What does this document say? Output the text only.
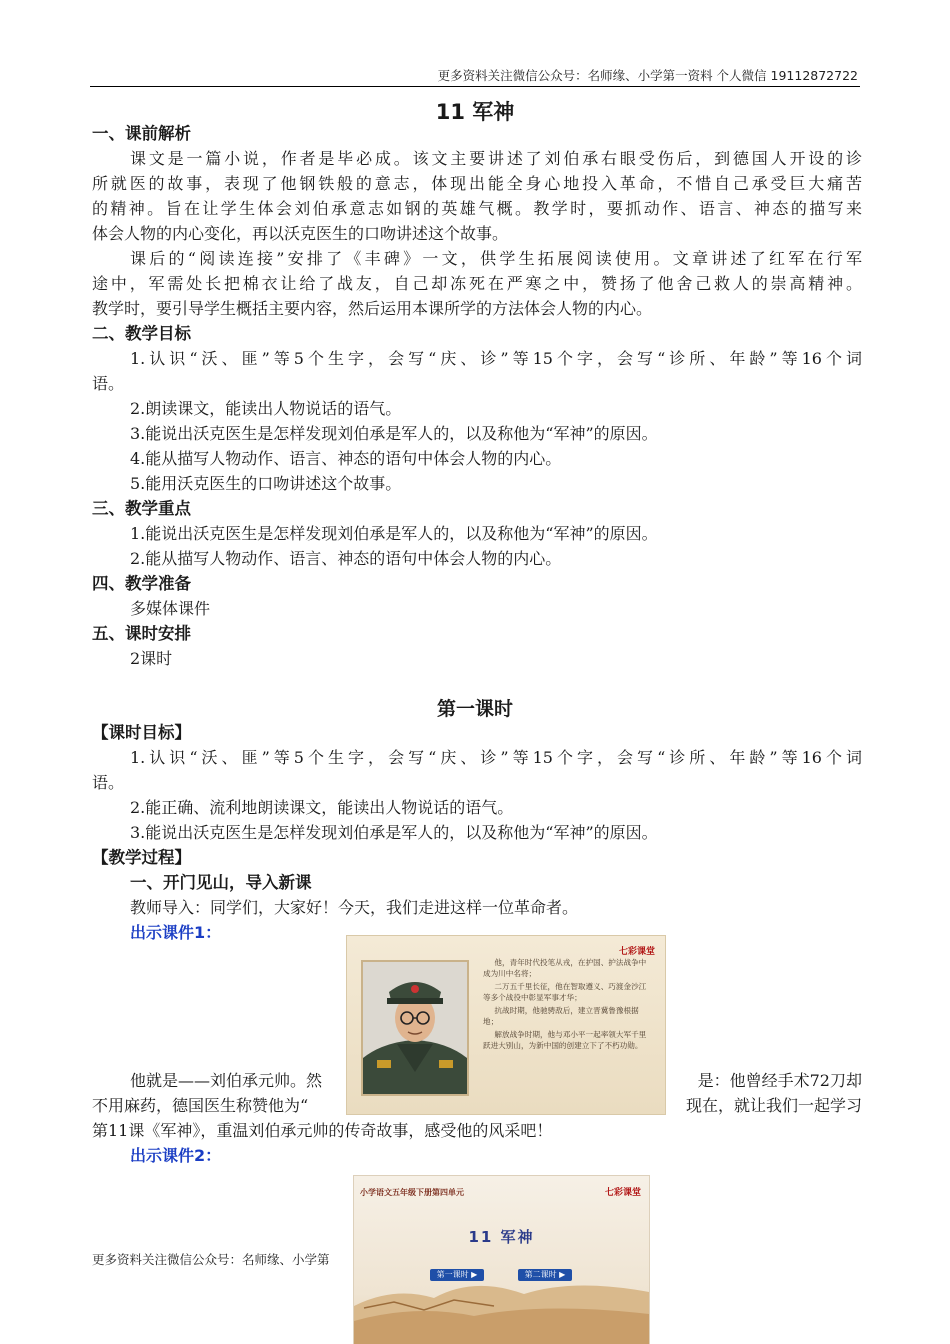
更多资料关注微信公众号：名师缘、小学第一资料 个人微信 19112872722
11 军神
一、课前解析
课文是一篇小说，作者是毕必成。该文主要讲述了刘伯承右眼受伤后，到德国人开设的诊
所就医的故事，表现了他钢铁般的意志，体现出能全身心地投入革命，不惜自己承受巨大痛苦
的精神。旨在让学生体会刘伯承意志如钢的英雄气概。教学时，要抓动作、语言、神态的描写来
体会人物的内心变化，再以沃克医生的口吻讲述这个故事。
课后的“阅读连接”安排了《丰碑》一文，供学生拓展阅读使用。文章讲述了红军在行军
途中，军需处长把棉衣让给了战友，自己却冻死在严寒之中，赞扬了他舍己救人的崇高精神。
教学时，要引导学生概括主要内容，然后运用本课所学的方法体会人物的内心。
二、教学目标
1.认识“沃、匪”等5个生字，会写“庆、诊”等15个字，会写“诊所、年龄”等16个词
语。
2.朗读课文，能读出人物说话的语气。
3.能说出沃克医生是怎样发现刘伯承是军人的，以及称他为“军神”的原因。
4.能从描写人物动作、语言、神态的语句中体会人物的内心。
5.能用沃克医生的口吻讲述这个故事。
三、教学重点
1.能说出沃克医生是怎样发现刘伯承是军人的，以及称他为“军神”的原因。
2.能从描写人物动作、语言、神态的语句中体会人物的内心。
四、教学准备
多媒体课件
五、课时安排
2课时
第一课时
【课时目标】
1.认识“沃、匪”等5个生字，会写“庆、诊”等15个字，会写“诊所、年龄”等16个词
语。
2.能正确、流利地朗读课文，能读出人物说话的语气。
3.能说出沃克医生是怎样发现刘伯承是军人的，以及称他为“军神”的原因。
【教学过程】
一、开门见山，导入新课
教师导入：同学们，大家好！今天，我们走进这样一位革命者。
出示课件1：
他就是——刘伯承元帅。然	是：他曾经手术72刀却
不用麻药，德国医生称赞他为“	现在，就让我们一起学习
第11课《军神》，重温刘伯承元帅的传奇故事，感受他的风采吧！
出示课件2：
七彩课堂

他，青年时代投笔从戎，在护国、护法战争中成为川中名将；

二万五千里长征，他在智取遵义、巧渡金沙江等多个战役中彰显军事才华；

抗战时期，他驰骋敌后，建立晋冀鲁豫根据地；

解放战争时期，他与邓小平一起率领大军千里跃进大别山，为新中国的创建立下了不朽功勋。

小学语文五年级下册第四单元	七彩课堂
11 军神
第一课时 ▶	第二课时 ▶
更多资料关注微信公众号：名师缘、小学第
